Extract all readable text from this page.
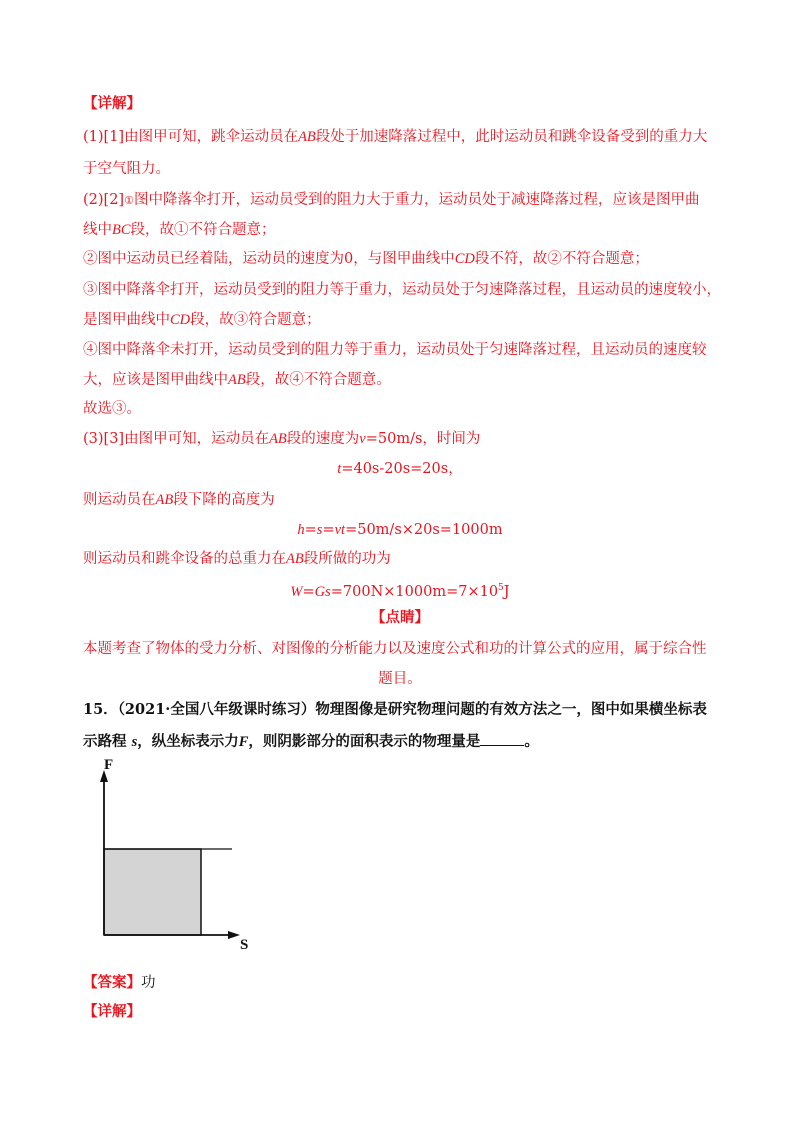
【详解】
(1)[1]由图甲可知，跳伞运动员在AB段处于加速降落过程中，此时运动员和跳伞设备受到的重力大
于空气阻力。
(2)[2]①图中降落伞打开，运动员受到的阻力大于重力，运动员处于减速降落过程，应该是图甲曲
线中BC段，故①不符合题意；
②图中运动员已经着陆，运动员的速度为0，与图甲曲线中CD段不符，故②不符合题意；
③图中降落伞打开，运动员受到的阻力等于重力，运动员处于匀速降落过程，且运动员的速度较小，
是图甲曲线中CD段，故③符合题意；
④图中降落伞未打开，运动员受到的阻力等于重力，运动员处于匀速降落过程，且运动员的速度较
大，应该是图甲曲线中AB段，故④不符合题意。
故选③。
(3)[3]由图甲可知，运动员在AB段的速度为v=50m/s，时间为
t=40s-20s=20s，
则运动员在AB段下降的高度为
h=s=vt=50m/s×20s=1000m
则运动员和跳伞设备的总重力在AB段所做的功为
$W=Gs=700N\times 1000m=7\times 10^5J$
【点睛】
本题考查了物体的受力分析、对图像的分析能力以及速度公式和功的计算公式的应用，属于综合性
题目。
15．（2021·全国八年级课时练习）物理图像是研究物理问题的有效方法之一，图中如果横坐标表
示路程 s，纵坐标表示力F，则阴影部分的面积表示的物理量是	。
F
S
【答案】功
【详解】
